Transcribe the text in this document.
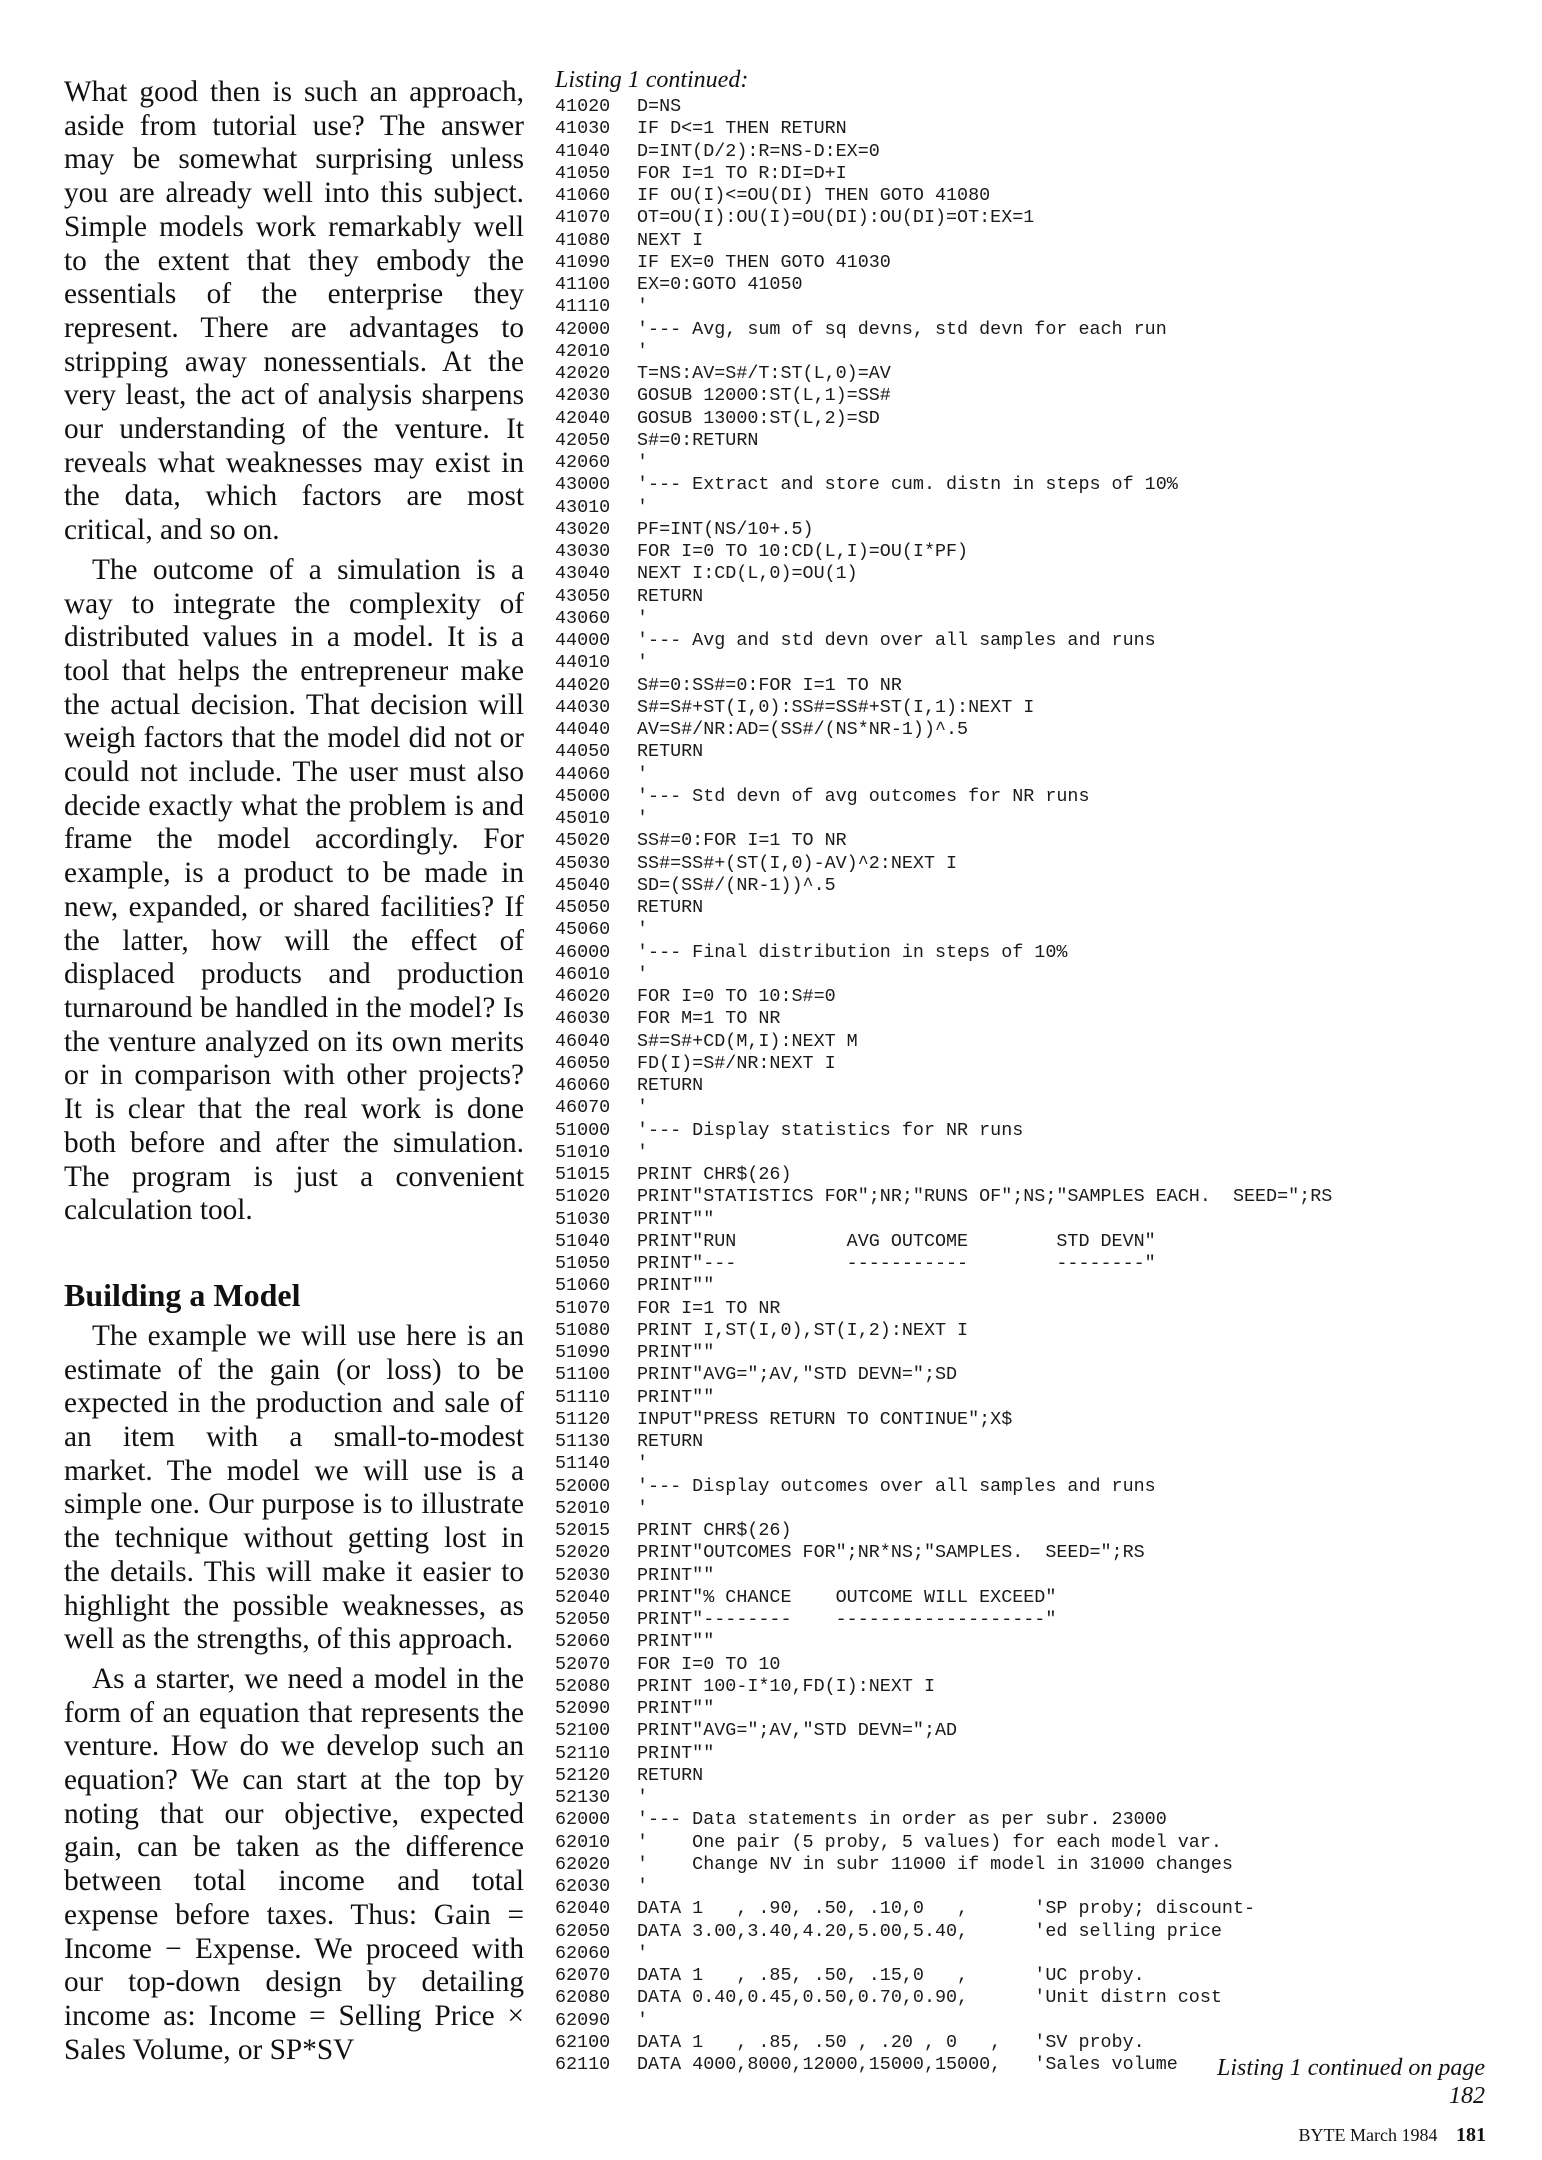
What good then is such an approach, aside from tutorial use? The answer may be somewhat surprising unless you are already well into this subject. Simple models work remarkably well to the extent that they embody the essentials of the enterprise they represent. There are advantages to stripping away nonessentials. At the very least, the act of analysis sharpens our understanding of the venture. It reveals what weaknesses may exist in the data, which factors are most critical, and so on.

The outcome of a simulation is a way to integrate the complexity of distributed values in a model. It is a tool that helps the entrepreneur make the actual decision. That decision will weigh factors that the model did not or could not include. The user must also decide exactly what the problem is and frame the model accordingly. For example, is a product to be made in new, expanded, or shared facilities? If the latter, how will the effect of displaced products and production turnaround be handled in the model? Is the venture analyzed on its own merits or in comparison with other projects? It is clear that the real work is done both before and after the simulation. The program is just a convenient calculation tool.

Building a Model

The example we will use here is an estimate of the gain (or loss) to be expected in the production and sale of an item with a small-to-modest market. The model we will use is a simple one. Our purpose is to illustrate the technique without getting lost in the details. This will make it easier to highlight the possible weaknesses, as well as the strengths, of this approach.

As a starter, we need a model in the form of an equation that represents the venture. How do we develop such an equation? We can start at the top by noting that our objective, expected gain, can be taken as the difference between total income and total expense before taxes. Thus: Gain = Income − Expense. We proceed with our top-down design by detailing income as: Income = Selling Price × Sales Volume, or SP*SV

Listing 1 continued:
41020	D=NS
41030	IF D<=1 THEN RETURN
41040	D=INT(D/2):R=NS-D:EX=0
41050	FOR I=1 TO R:DI=D+I
41060	IF OU(I)<=OU(DI) THEN GOTO 41080
41070	OT=OU(I):OU(I)=OU(DI):OU(DI)=OT:EX=1
41080	NEXT I
41090	IF EX=0 THEN GOTO 41030
41100	EX=0:GOTO 41050
41110	'
42000	'--- Avg, sum of sq devns, std devn for each run
42010	'
42020	T=NS:AV=S#/T:ST(L,0)=AV
42030	GOSUB 12000:ST(L,1)=SS#
42040	GOSUB 13000:ST(L,2)=SD
42050	S#=0:RETURN
42060	'
43000	'--- Extract and store cum. distn in steps of 10%
43010	'
43020	PF=INT(NS/10+.5)
43030	FOR I=0 TO 10:CD(L,I)=OU(I*PF)
43040	NEXT I:CD(L,0)=OU(1)
43050	RETURN
43060	'
44000	'--- Avg and std devn over all samples and runs
44010	'
44020	S#=0:SS#=0:FOR I=1 TO NR
44030	S#=S#+ST(I,0):SS#=SS#+ST(I,1):NEXT I
44040	AV=S#/NR:AD=(SS#/(NS*NR-1))^.5
44050	RETURN
44060	'
45000	'--- Std devn of avg outcomes for NR runs
45010	'
45020	SS#=0:FOR I=1 TO NR
45030	SS#=SS#+(ST(I,0)-AV)^2:NEXT I
45040	SD=(SS#/(NR-1))^.5
45050	RETURN
45060	'
46000	'--- Final distribution in steps of 10%
46010	'
46020	FOR I=0 TO 10:S#=0
46030	FOR M=1 TO NR
46040	S#=S#+CD(M,I):NEXT M
46050	FD(I)=S#/NR:NEXT I
46060	RETURN
46070	'
51000	'--- Display statistics for NR runs
51010	'
51015	PRINT CHR$(26)
51020	PRINT"STATISTICS FOR";NR;"RUNS OF";NS;"SAMPLES EACH.  SEED=";RS
51030	PRINT""
51040	PRINT"RUN          AVG OUTCOME        STD DEVN"
51050	PRINT"---          -----------        --------"
51060	PRINT""
51070	FOR I=1 TO NR
51080	PRINT I,ST(I,0),ST(I,2):NEXT I
51090	PRINT""
51100	PRINT"AVG=";AV,"STD DEVN=";SD
51110	PRINT""
51120	INPUT"PRESS RETURN TO CONTINUE";X$
51130	RETURN
51140	'
52000	'--- Display outcomes over all samples and runs
52010	'
52015	PRINT CHR$(26)
52020	PRINT"OUTCOMES FOR";NR*NS;"SAMPLES.  SEED=";RS
52030	PRINT""
52040	PRINT"% CHANCE    OUTCOME WILL EXCEED"
52050	PRINT"--------    -------------------"
52060	PRINT""
52070	FOR I=0 TO 10
52080	PRINT 100-I*10,FD(I):NEXT I
52090	PRINT""
52100	PRINT"AVG=";AV,"STD DEVN=";AD
52110	PRINT""
52120	RETURN
52130	'
62000	'--- Data statements in order as per subr. 23000
62010	'    One pair (5 proby, 5 values) for each model var.
62020	'    Change NV in subr 11000 if model in 31000 changes
62030	'
62040	DATA 1   , .90, .50, .10,0   ,      'SP proby; discount-
62050	DATA 3.00,3.40,4.20,5.00,5.40,      'ed selling price
62060	'
62070	DATA 1   , .85, .50, .15,0   ,      'UC proby.
62080	DATA 0.40,0.45,0.50,0.70,0.90,      'Unit distrn cost
62090	'
62100	DATA 1   , .85, .50 , .20 , 0   ,   'SV proby.
62110	DATA 4000,8000,12000,15000,15000,   'Sales volume	Listing 1 continued on page 182
BYTE March 1984 181
